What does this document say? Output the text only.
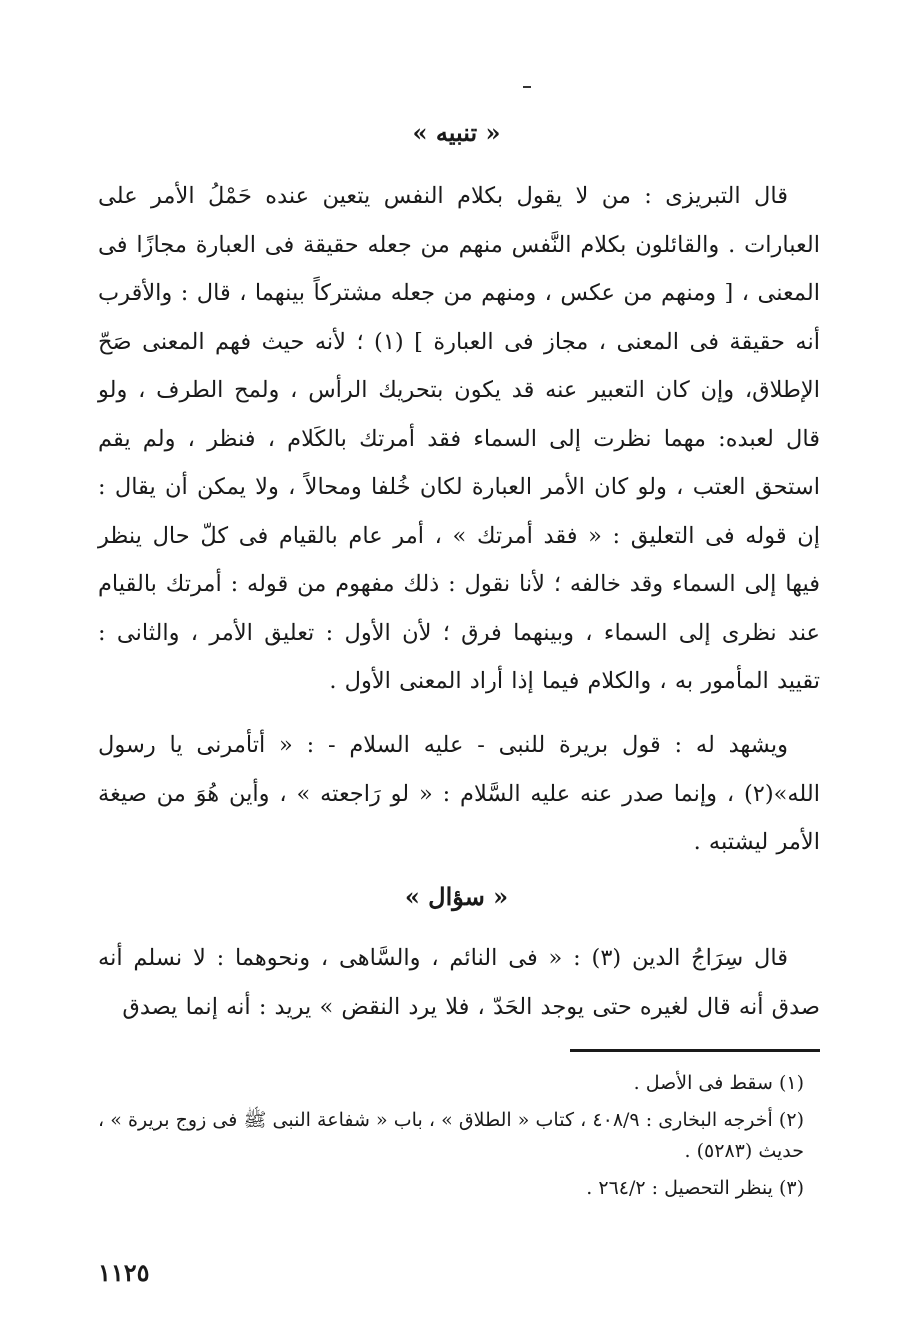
« تنبيه »
قال التبريزى : من لا يقول بكلام النفس يتعين عنده حَمْلُ الأمر على العبارات . والقائلون بكلام النَّفس منهم من جعله حقيقة فى العبارة مجازًا فى المعنى ، [ ومنهم من عكس ، ومنهم من جعله مشتركاً بينهما ، قال : والأقرب أنه حقيقة فى المعنى ، مجاز فى العبارة ] (١) ؛ لأنه حيث فهم المعنى صَحّ الإطلاق، وإن كان التعبير عنه قد يكون بتحريك الرأس ، ولمح الطرف ، ولو قال لعبده: مهما نظرت إلى السماء فقد أمرتك بالكَلام ، فنظر ، ولم يقم استحق العتب ، ولو كان الأمر العبارة لكان خُلفا ومحالاً ، ولا يمكن أن يقال : إن قوله فى التعليق : « فقد أمرتك » ، أمر عام بالقيام فى كلّ حال ينظر فيها إلى السماء وقد خالفه ؛ لأنا نقول : ذلك مفهوم من قوله : أمرتك بالقيام عند نظرى إلى السماء ، وبينهما فرق ؛ لأن الأول : تعليق الأمر ، والثانى : تقييد المأمور به ، والكلام فيما إذا أراد المعنى الأول .
ويشهد له : قول بريرة للنبى - عليه السلام - : « أتأمرنى يا رسول الله»(٢) ، وإنما صدر عنه عليه السَّلام : « لو رَاجعته » ، وأين هُوَ من صيغة الأمر ليشتبه .
« سؤال »
قال سِرَاجُ الدين (٣) : « فى النائم ، والسَّاهى ، ونحوهما : لا نسلم أنه صدق أنه قال لغيره حتى يوجد الحَدّ ، فلا يرد النقض » يريد : أنه إنما يصدق
(١) سقط فى الأصل .
(٢) أخرجه البخارى : ٤٠٨/٩ ، كتاب « الطلاق » ، باب « شفاعة النبى ﷺ فى زوج بريرة » ، حديث (٥٢٨٣) .
(٣) ينظر التحصيل : ٢٦٤/٢ .
١١٢٥
